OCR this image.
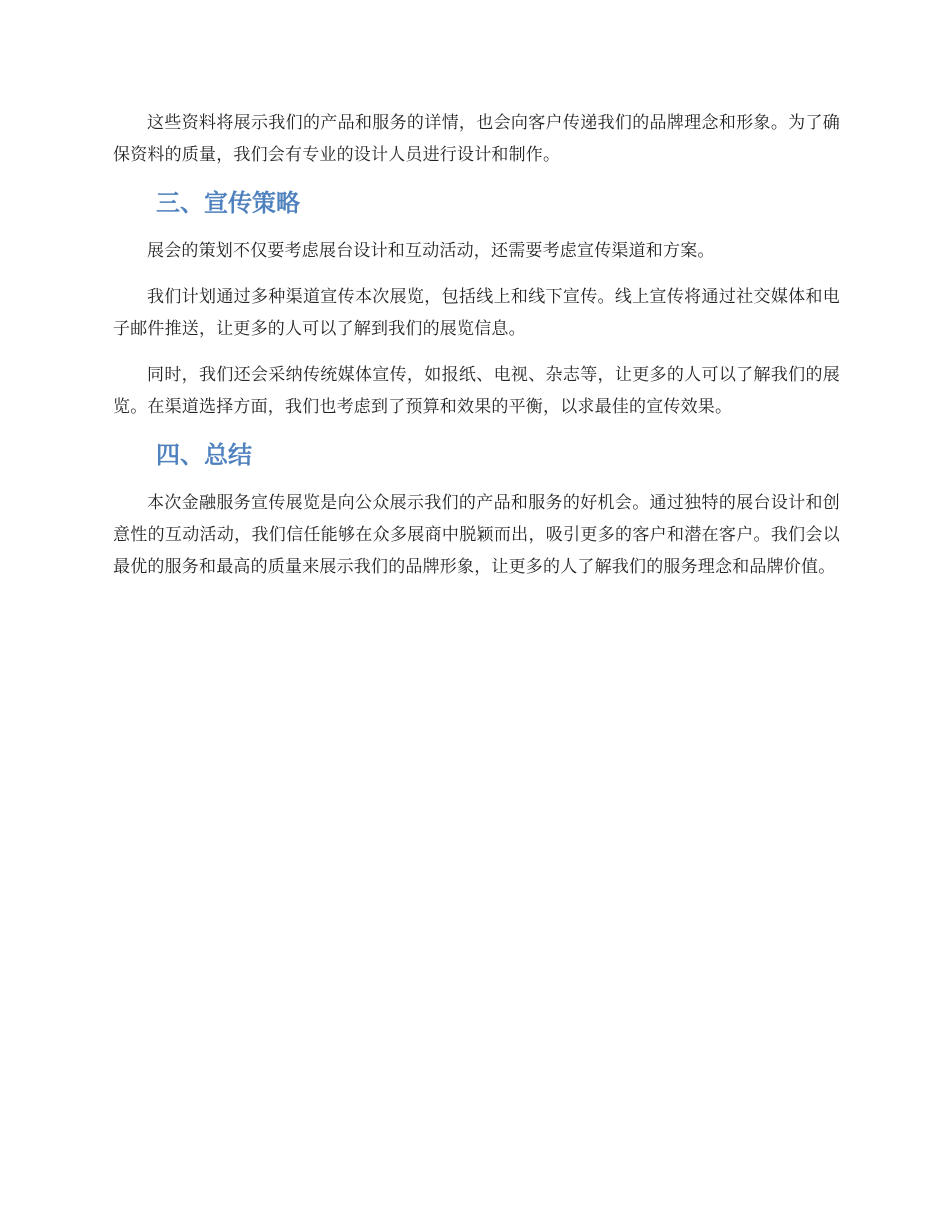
这些资料将展示我们的产品和服务的详情，也会向客户传递我们的品牌理念和形象。为了确保资料的质量，我们会有专业的设计人员进行设计和制作。

三、宣传策略

展会的策划不仅要考虑展台设计和互动活动，还需要考虑宣传渠道和方案。

我们计划通过多种渠道宣传本次展览，包括线上和线下宣传。线上宣传将通过社交媒体和电子邮件推送，让更多的人可以了解到我们的展览信息。

同时，我们还会采纳传统媒体宣传，如报纸、电视、杂志等，让更多的人可以了解我们的展览。在渠道选择方面，我们也考虑到了预算和效果的平衡，以求最佳的宣传效果。

四、总结

本次金融服务宣传展览是向公众展示我们的产品和服务的好机会。通过独特的展台设计和创意性的互动活动，我们信任能够在众多展商中脱颖而出，吸引更多的客户和潜在客户。我们会以最优的服务和最高的质量来展示我们的品牌形象，让更多的人了解我们的服务理念和品牌价值。
